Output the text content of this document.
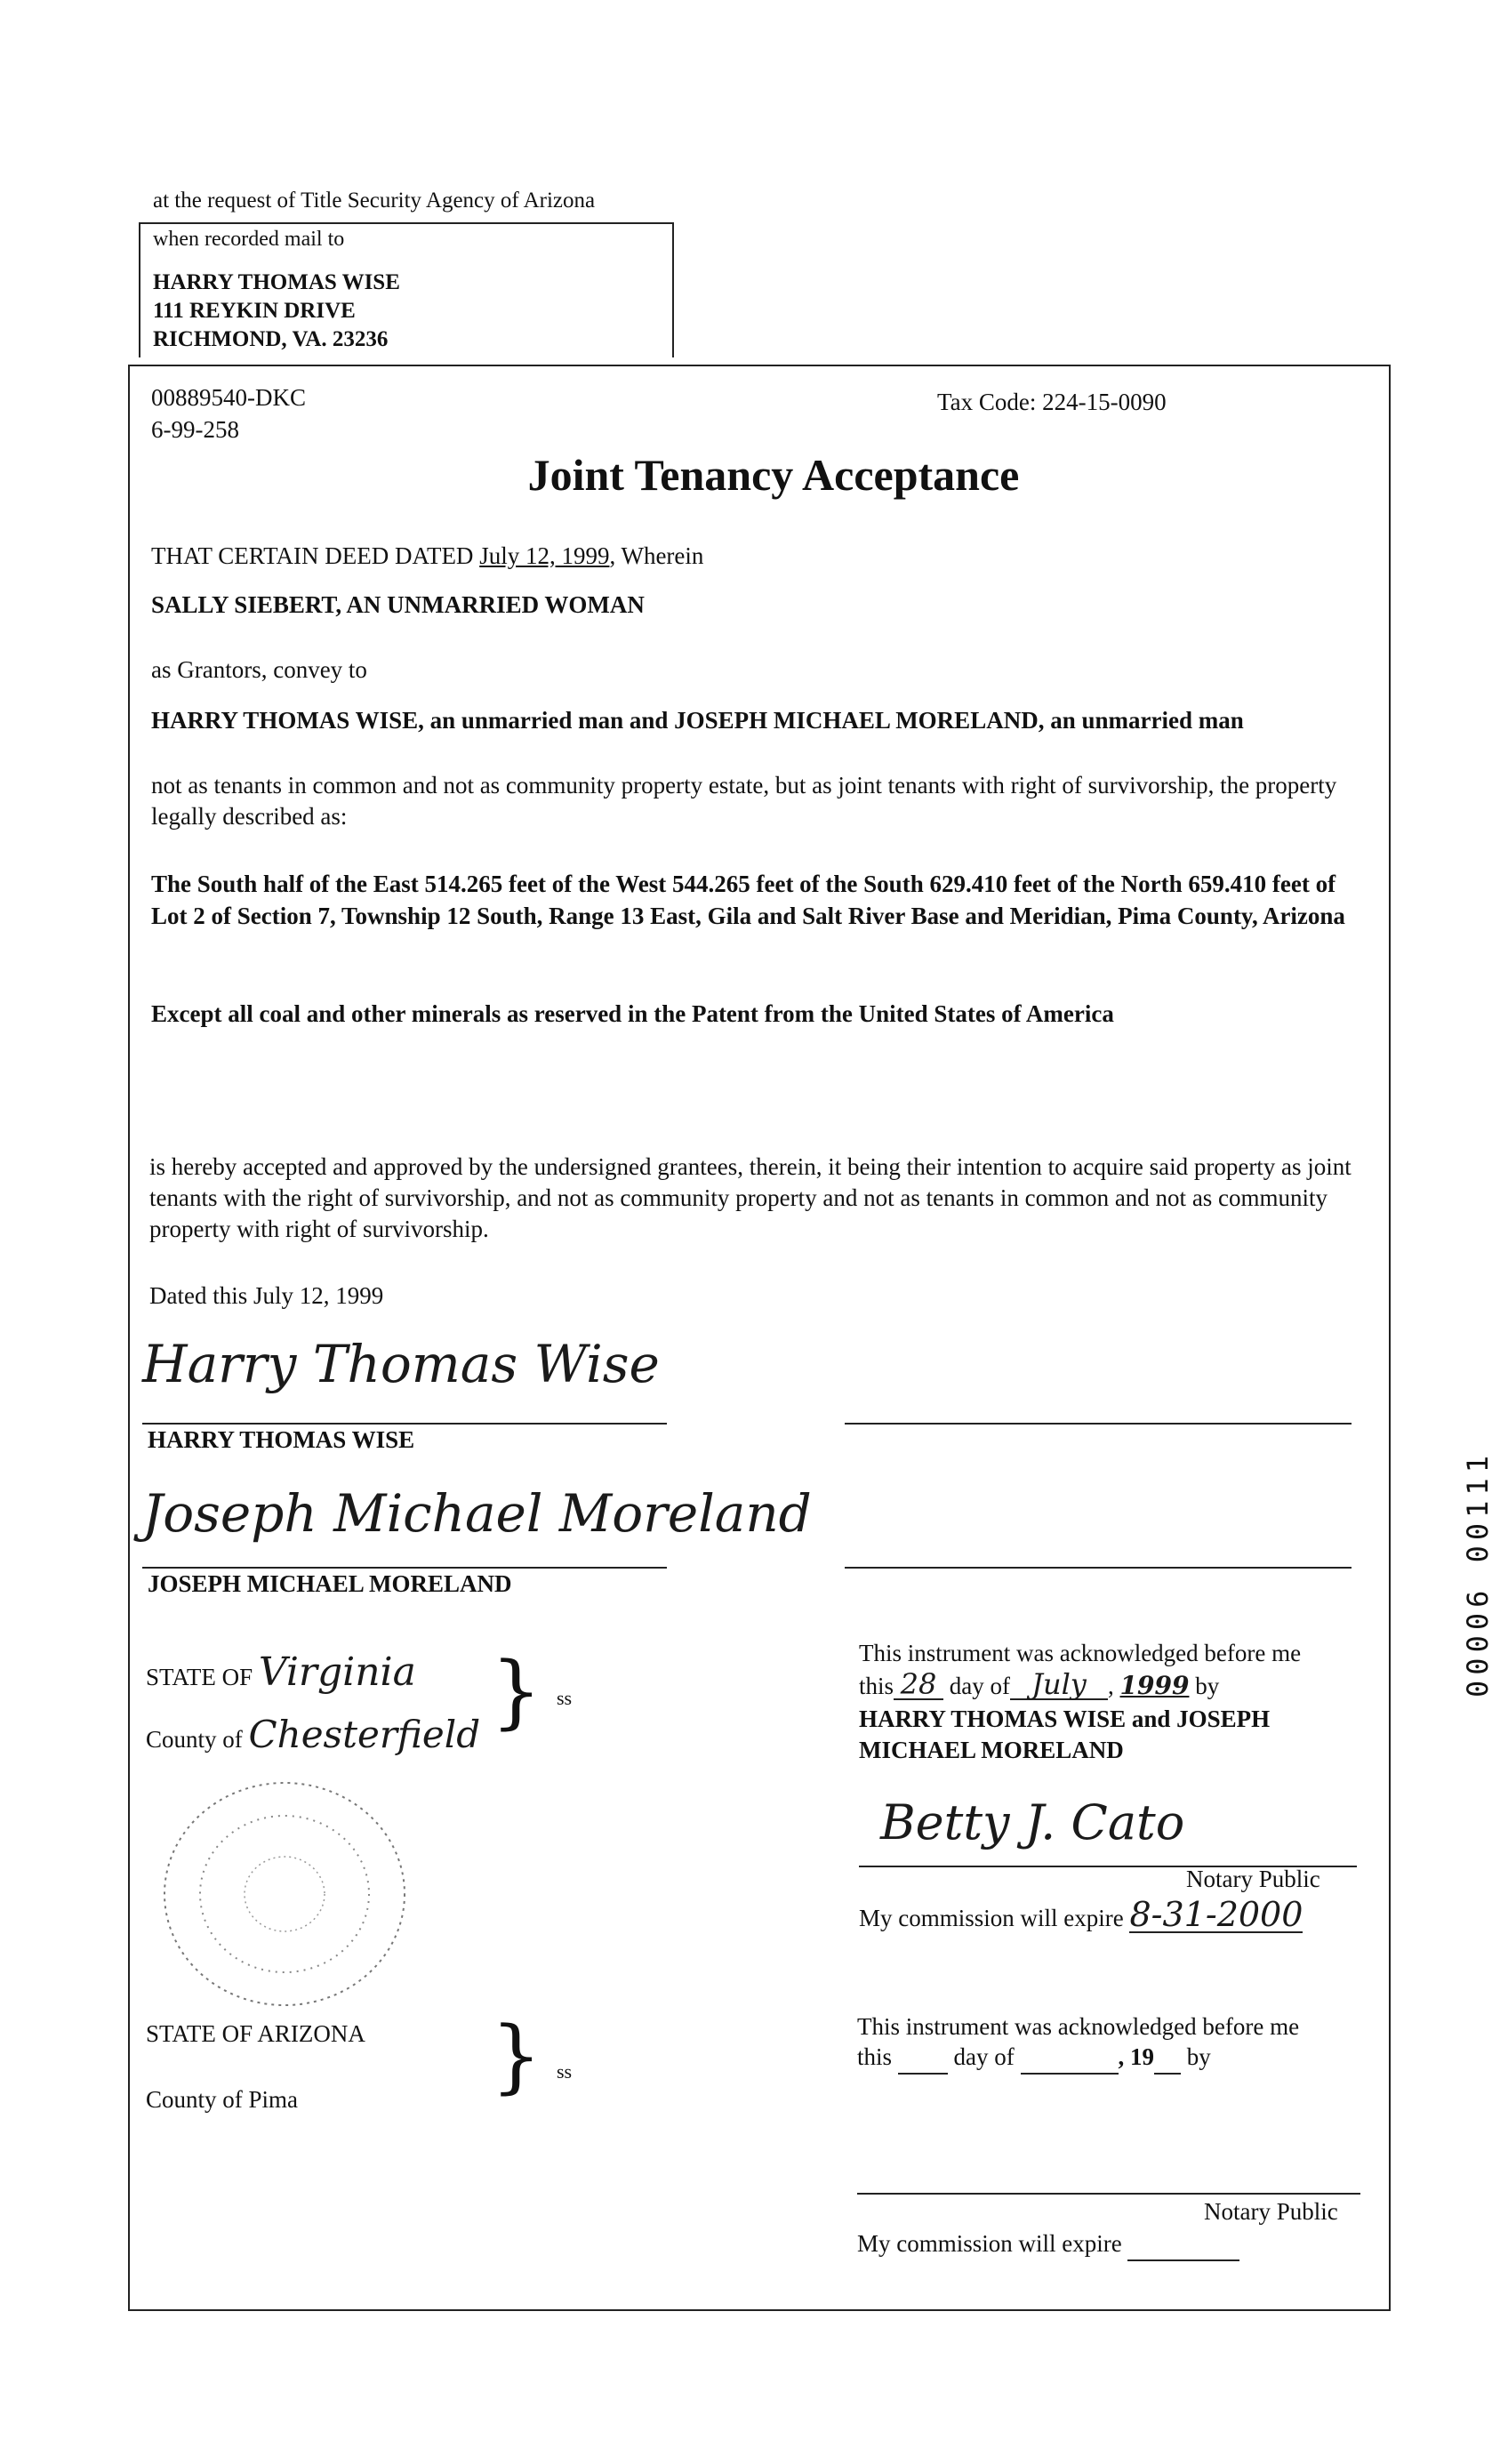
at the request of Title Security Agency of Arizona
when recorded mail to
HARRY THOMAS WISE
111 REYKIN DRIVE
RICHMOND, VA. 23236
00889540-DKC
6-99-258
Tax Code: 224-15-0090
Joint Tenancy Acceptance
THAT CERTAIN DEED DATED July 12, 1999, Wherein
SALLY SIEBERT, AN UNMARRIED WOMAN
as Grantors, convey to
HARRY THOMAS WISE, an unmarried man and JOSEPH MICHAEL MORELAND, an unmarried man
not as tenants in common and not as community property estate, but as joint tenants with right of survivorship, the property legally described as:
The South half of the East 514.265 feet of the West 544.265 feet of the South 629.410 feet of the North 659.410 feet of Lot 2 of Section 7, Township 12 South, Range 13 East, Gila and Salt River Base and Meridian, Pima County, Arizona
Except all coal and other minerals as reserved in the Patent from the United States of America
is hereby accepted and approved by the undersigned grantees, therein, it being their intention to acquire said property as joint tenants with the right of survivorship, and not as community property and not as tenants in common and not as community property with right of survivorship.
Dated this July 12, 1999
Harry Thomas Wise
HARRY THOMAS WISE
Joseph Michael Moreland
JOSEPH MICHAEL MORELAND
STATE OF Virginia
County of Chesterfield } ss
This instrument was acknowledged before me
this 28 day of July , 1999 by
HARRY THOMAS WISE and JOSEPH MICHAEL MORELAND
Betty J. Cato
Notary Public
My commission will expire 8-31-2000
STATE OF ARIZONA
County of Pima } ss
This instrument was acknowledged before me
this	day of	, 19 by
Notary Public
My commission will expire
00006 00111
